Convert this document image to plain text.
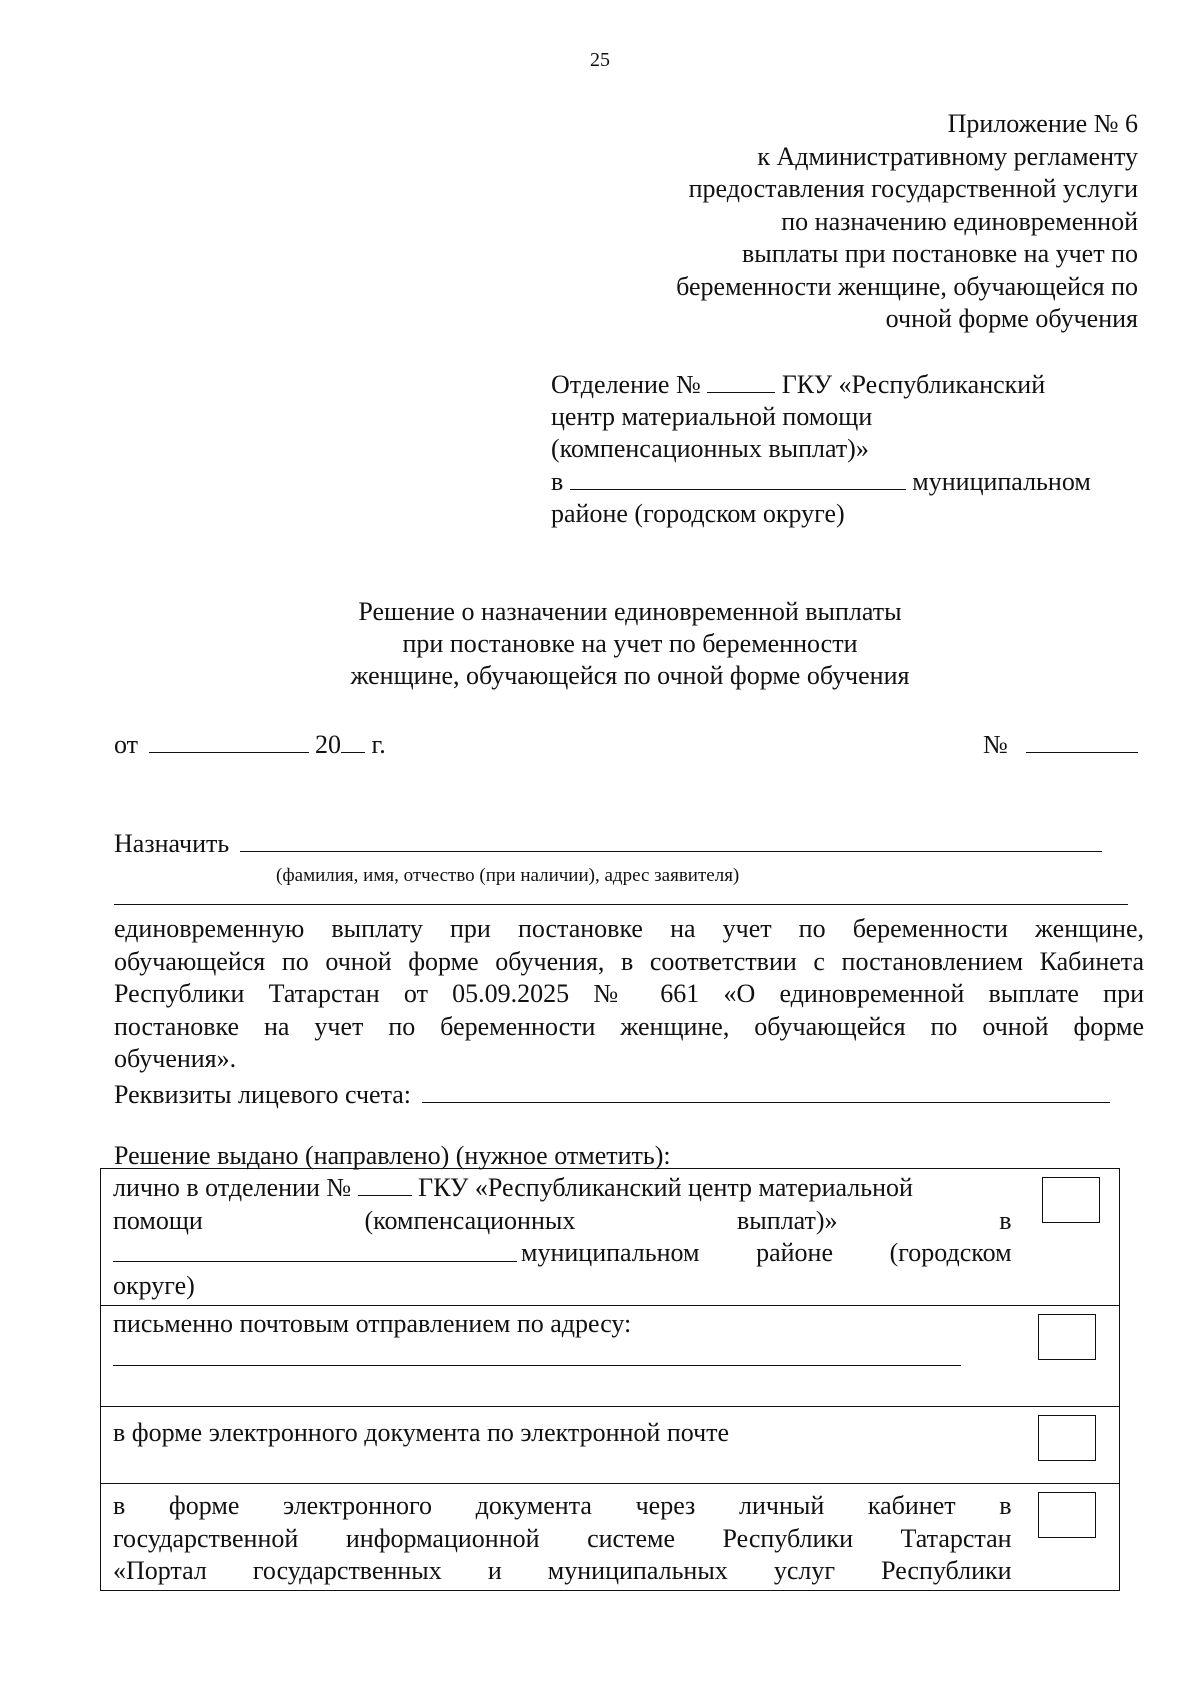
25
Приложение № 6
к Административному регламенту
предоставления государственной услуги
по назначению единовременной
выплаты при постановке на учет по
беременности женщине, обучающейся по
очной форме обучения
Отделение №	ГКУ «Республиканский
центр материальной помощи
(компенсационных выплат)»
в	муниципальном
районе (городском округе)
Решение о назначении единовременной выплаты
при постановке на учет по беременности
женщине, обучающейся по очной форме обучения
от	20 г.	№
Назначить
(фамилия, имя, отчество (при наличии), адрес заявителя)
единовременную выплату при постановке на учет по беременности женщине,
обучающейся по очной форме обучения, в соответствии с постановлением Кабинета
Республики Татарстан от 05.09.2025 № 661 «О единовременной выплате при
постановке на учет по беременности женщине, обучающейся по очной форме
обучения».
Реквизиты лицевого счета:
Решение выдано (направлено) (нужное отметить):
лично в отделении № ГКУ «Республиканский центр материальной
помощи (компенсационных выплат)» в
муниципальном районе (городском
округе)	

письменно почтовым отправлением по адресу:	

в форме электронного документа по электронной почте	

в форме электронного документа через личный кабинет в
государственной информационной системе Республики Татарстан
«Портал государственных и муниципальных услуг Республики	
